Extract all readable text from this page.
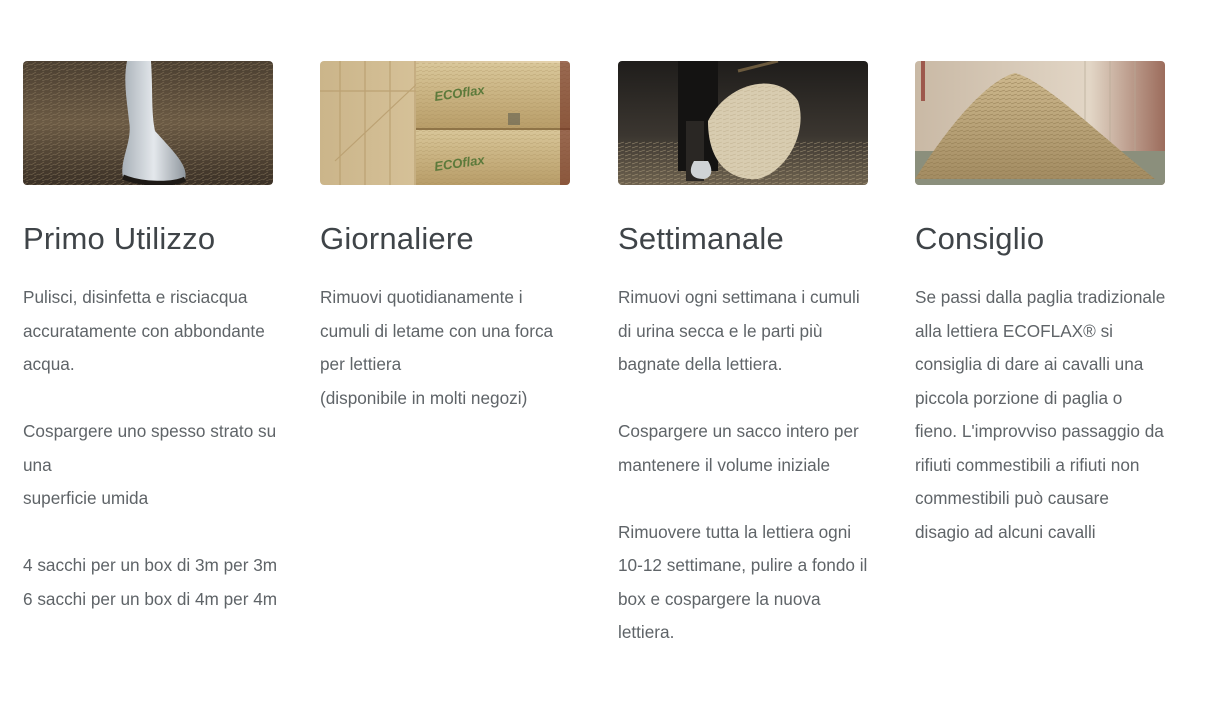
Primo Utilizzo

Pulisci, disinfetta e risciacqua
accuratamente con abbondante
acqua.

Cospargere uno spesso strato su
una
superficie umida

4 sacchi per un box di 3m per 3m
6 sacchi per un box di 4m per 4m

ECOflax
ECOflax
Giornaliere

Rimuovi quotidianamente i
cumuli di letame con una forca
per lettiera
(disponibile in molti negozi)

Settimanale

Rimuovi ogni settimana i cumuli
di urina secca e le parti più
bagnate della lettiera.

Cospargere un sacco intero per
mantenere il volume iniziale

Rimuovere tutta la lettiera ogni
10-12 settimane, pulire a fondo il
box e cospargere la nuova
lettiera.

Consiglio

Se passi dalla paglia tradizionale
alla lettiera ECOFLAX® si
consiglia di dare ai cavalli una
piccola porzione di paglia o
fieno. L'improvviso passaggio da
rifiuti commestibili a rifiuti non
commestibili può causare
disagio ad alcuni cavalli
